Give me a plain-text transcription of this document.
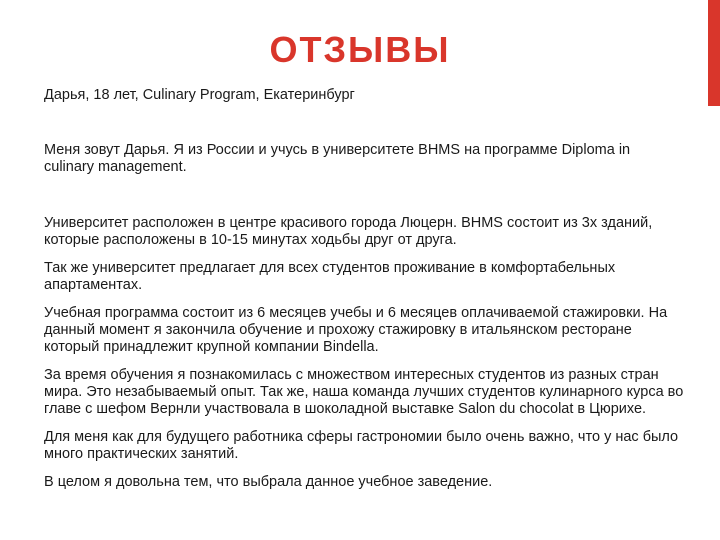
ОТЗЫВЫ

Дарья, 18 лет, Culinary Program, Екатеринбург

Меня зовут Дарья. Я из России и учусь в университете BHMS на программе Diploma in culinary management.

Университет расположен в центре красивого города Люцерн. BHMS состоит из 3х зданий, которые расположены в 10-15 минутах ходьбы друг от друга.

Так же университет предлагает для всех студентов проживание в комфортабельных апартаментах.

Учебная программа состоит из 6 месяцев учебы и 6 месяцев оплачиваемой стажировки. На данный момент я закончила обучение и прохожу стажировку в итальянском ресторане который принадлежит крупной компании Bindella.

За время обучения я познакомилась с множеством интересных студентов из разных стран мира. Это незабываемый опыт. Так же, наша команда лучших студентов кулинарного курса во главе с шефом Вернли участвовала в шоколадной выставке Salon du chocolat в Цюрихе.

Для меня как для будущего работника сферы гастрономии было очень важно, что у нас было много практических занятий.

В целом я довольна тем, что выбрала данное учебное заведение.
